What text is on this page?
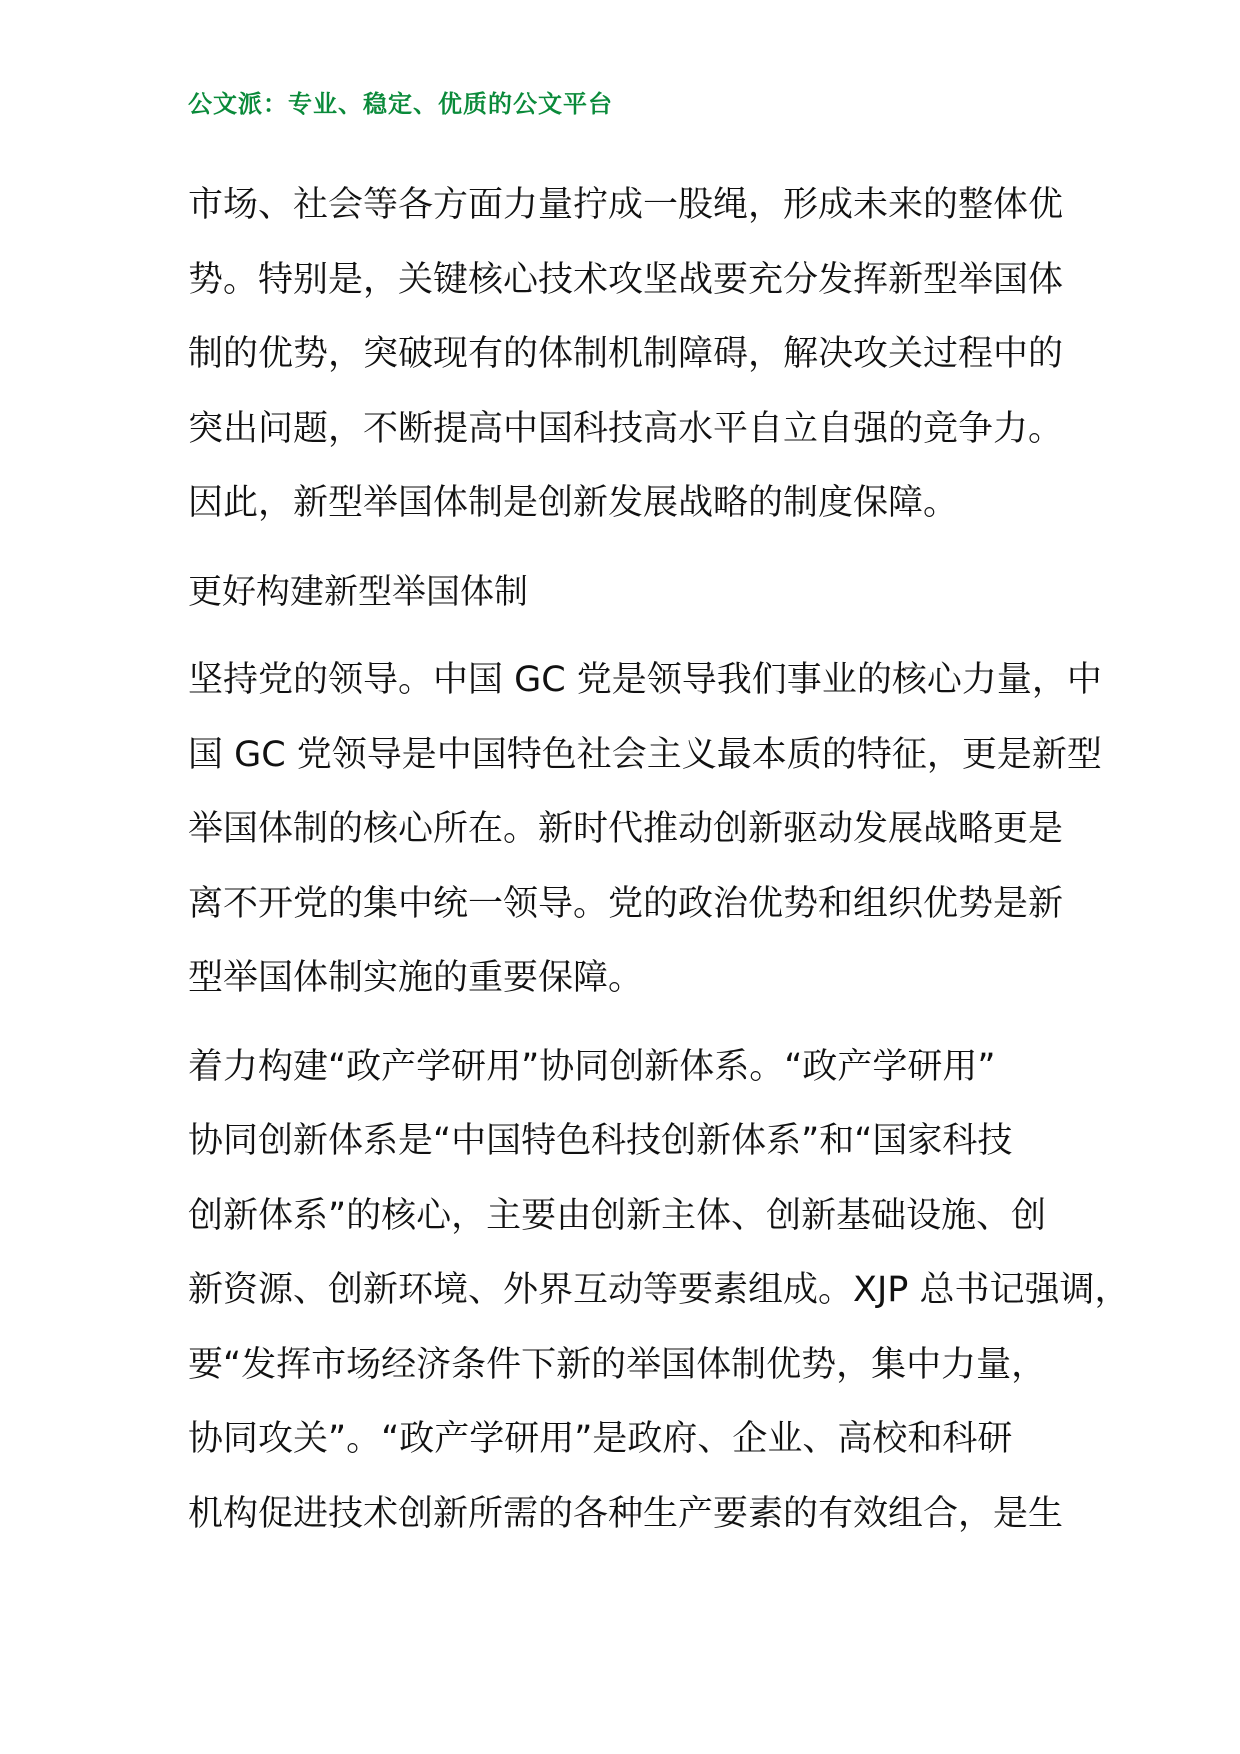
公文派：专业、稳定、优质的公文平台
市场、社会等各方面力量拧成一股绳，形成未来的整体优
势。特别是，关键核心技术攻坚战要充分发挥新型举国体
制的优势，突破现有的体制机制障碍，解决攻关过程中的
突出问题，不断提高中国科技高水平自立自强的竞争力。
因此，新型举国体制是创新发展战略的制度保障。
更好构建新型举国体制
坚持党的领导。中国 GC 党是领导我们事业的核心力量，中
国 GC 党领导是中国特色社会主义最本质的特征，更是新型
举国体制的核心所在。新时代推动创新驱动发展战略更是
离不开党的集中统一领导。党的政治优势和组织优势是新
型举国体制实施的重要保障。
着力构建“政产学研用”协同创新体系。“政产学研用”
协同创新体系是“中国特色科技创新体系”和“国家科技
创新体系”的核心，主要由创新主体、创新基础设施、创
新资源、创新环境、外界互动等要素组成。XJP 总书记强调，
要“发挥市场经济条件下新的举国体制优势，集中力量，
协同攻关”。“政产学研用”是政府、企业、高校和科研
机构促进技术创新所需的各种生产要素的有效组合，是生
